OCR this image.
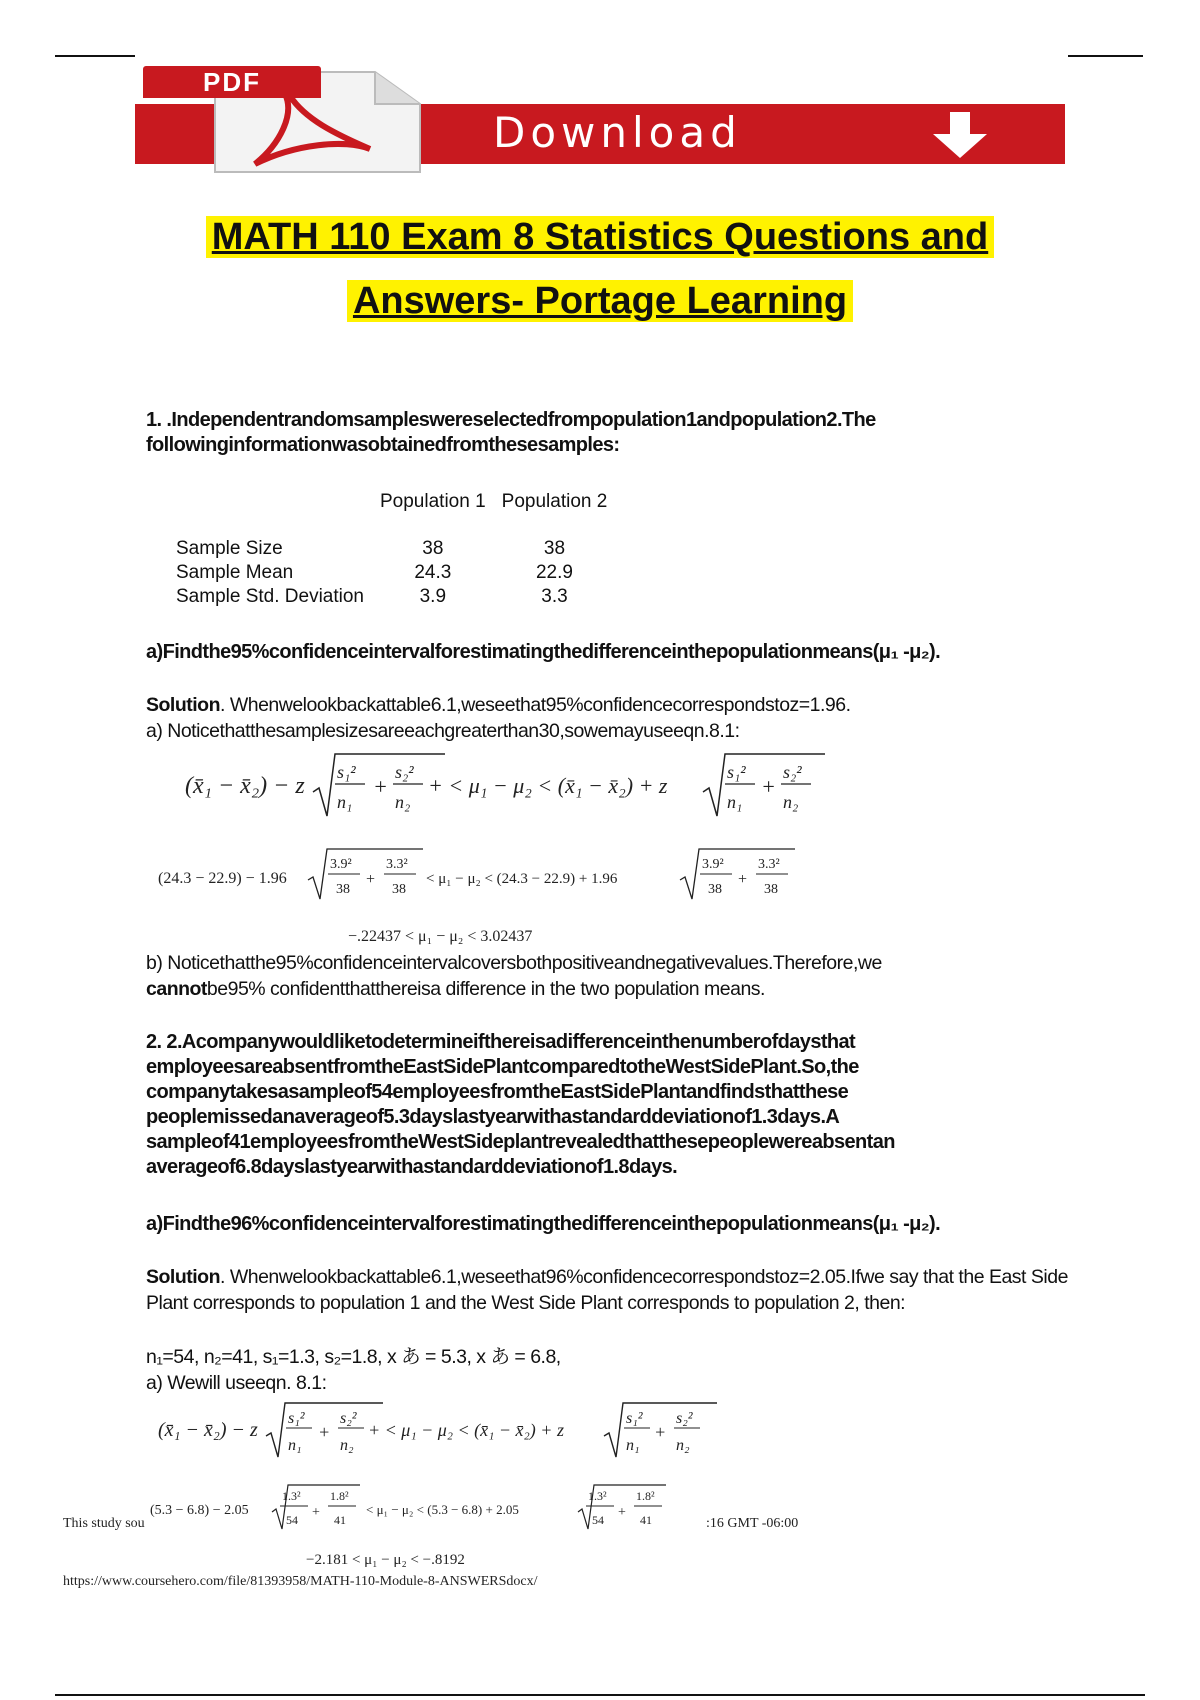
PDF
Download
MATH 110 Exam 8 Statistics Questions and
Answers- Portage Learning
1. .Independentrandomsampleswereselectedfrompopulation1andpopulation2.The followinginformationwasobtainedfromthesesamples:
	Population 1	Population 2
Sample Size	38	38
Sample Mean	24.3	22.9
Sample Std. Deviation	3.9	3.3
a)Findthe95%confidenceintervalforestimatingthedifferenceinthepopulationmeans(μ₁ -μ₂).
Solution. Whenwelookbackattable6.1,weseethat95%confidencecorrespondstoz=1.96.
a) Noticethatthesamplesizesareeachgreaterthan30,sowemayuseeqn.8.1:
(x̄₁ − x̄₂) − z
s₁²
n₁
+
s₂²
n₂
+ < μ₁ − μ₂ < (x̄₁ − x̄₂) + z
s₁²
n₁
+
s₂²
n₂
(24.3 − 22.9) − 1.96
3.9²
38
+
3.3²
38
< μ₁ − μ₂ < (24.3 − 22.9) + 1.96
3.9²
38
+
3.3²
38
−.22437 < μ₁ − μ₂ < 3.02437
b) Noticethatthe95%confidenceintervalcoversbothpositiveandnegativevalues.Therefore,we
cannotbe95% confidentthatthereisa difference in the two population means.
2. 2.Acompanywouldliketodetermineifthereisadifferenceinthenumberofdaysthat employeesareabsentfromtheEastSidePlantcomparedtotheWestSidePlant.So,the companytakesasampleof54employeesfromtheEastSidePlantandfindsthatthese peoplemissedanaverageof5.3dayslastyearwithastandarddeviationof1.3days.A sampleof41employeesfromtheWestSideplantrevealedthatthesepeoplewereabsentan averageof6.8dayslastyearwithastandarddeviationof1.8days.
a)Findthe96%confidenceintervalforestimatingthedifferenceinthepopulationmeans(μ₁ -μ₂).
Solution. Whenwelookbackattable6.1,weseethat96%confidencecorrespondstoz=2.05.Ifwe say that the East Side Plant corresponds to population 1 and the West Side Plant corresponds to population 2, then:
n₁=54, n₂=41, s₁=1.3, s₂=1.8, x あ = 5.3, x あ = 6.8,
a) Wewill useeqn. 8.1:
(x̄₁ − x̄₂) − z
s₁²
n₁
+
s₂²
n₂
+ < μ₁ − μ₂ < (x̄₁ − x̄₂) + z
s₁²
n₁
+
s₂²
n₂
This study sou
(5.3 − 6.8) − 2.05
1.3²
54 +
1.8²
41
< μ₁ − μ₂ < (5.3 − 6.8) + 2.05
1.3²
54 +
1.8²
41	:16 GMT -06:00
−2.181 < μ₁ − μ₂ < −.8192
https://www.coursehero.com/file/81393958/MATH-110-Module-8-ANSWERSdocx/
